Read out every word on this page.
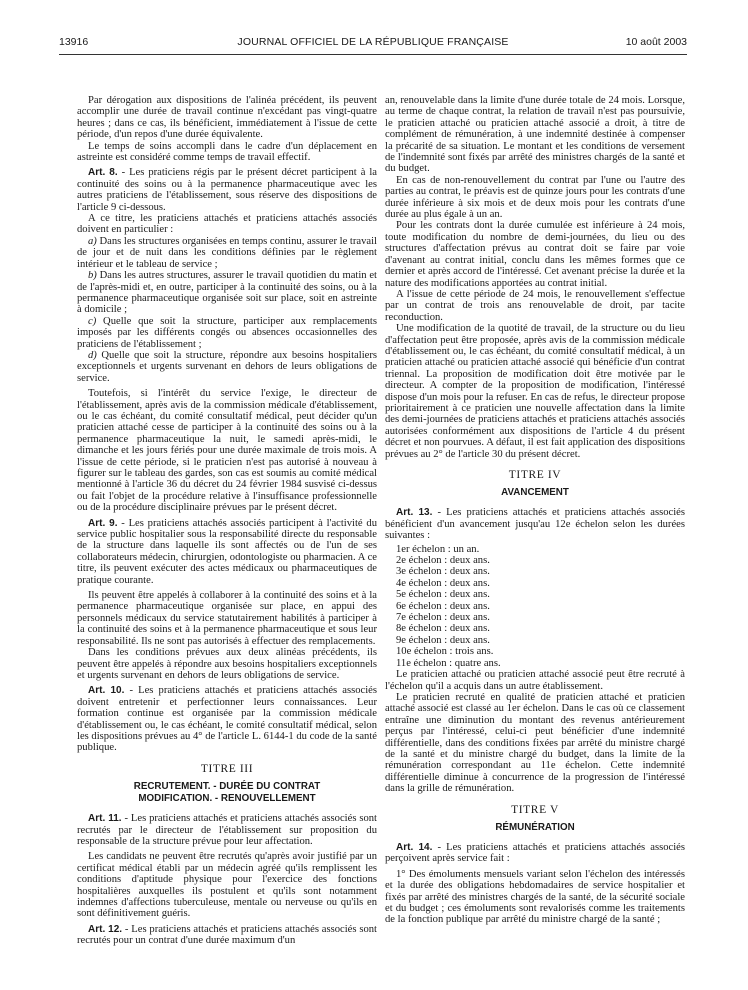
13916	JOURNAL OFFICIEL DE LA RÉPUBLIQUE FRANÇAISE	10 août 2003

Par dérogation aux dispositions de l'alinéa précédent, ils peuvent accomplir une durée de travail continue n'excédant pas vingt-quatre heures ; dans ce cas, ils bénéficient, immédiatement à l'issue de cette période, d'un repos d'une durée équivalente.

Le temps de soins accompli dans le cadre d'un déplacement en astreinte est considéré comme temps de travail effectif.

Art. 8. - Les praticiens régis par le présent décret participent à la continuité des soins ou à la permanence pharmaceutique avec les autres praticiens de l'établissement, sous réserve des dispositions de l'article 9 ci-dessous.

A ce titre, les praticiens attachés et praticiens attachés associés doivent en particulier :

a) Dans les structures organisées en temps continu, assurer le travail de jour et de nuit dans les conditions définies par le règlement intérieur et le tableau de service ;

b) Dans les autres structures, assurer le travail quotidien du matin et de l'après-midi et, en outre, participer à la continuité des soins, ou à la permanence pharmaceutique organisée soit sur place, soit en astreinte à domicile ;

c) Quelle que soit la structure, participer aux remplacements imposés par les différents congés ou absences occasionnelles des praticiens de l'établissement ;

d) Quelle que soit la structure, répondre aux besoins hospitaliers exceptionnels et urgents survenant en dehors de leurs obligations de service.

Toutefois, si l'intérêt du service l'exige, le directeur de l'établissement, après avis de la commission médicale d'établissement, ou le cas échéant, du comité consultatif médical, peut décider qu'un praticien attaché cesse de participer à la continuité des soins ou à la permanence pharmaceutique la nuit, le samedi après-midi, le dimanche et les jours fériés pour une durée maximale de trois mois. A l'issue de cette période, si le praticien n'est pas autorisé à nouveau à figurer sur le tableau des gardes, son cas est soumis au comité médical mentionné à l'article 36 du décret du 24 février 1984 susvisé ci-dessus ou fait l'objet de la procédure relative à l'insuffisance professionnelle ou de la procédure disciplinaire prévues par le présent décret.

Art. 9. - Les praticiens attachés associés participent à l'activité du service public hospitalier sous la responsabilité directe du responsable de la structure dans laquelle ils sont affectés ou de l'un de ses collaborateurs médecin, chirurgien, odontologiste ou pharmacien. A ce titre, ils peuvent exécuter des actes médicaux ou pharmaceutiques de pratique courante.

Ils peuvent être appelés à collaborer à la continuité des soins et à la permanence pharmaceutique organisée sur place, en appui des personnels médicaux du service statutairement habilités à participer à la continuité des soins et à la permanence pharmaceutique et sous leur responsabilité. Ils ne sont pas autorisés à effectuer des remplacements.

Dans les conditions prévues aux deux alinéas précédents, ils peuvent être appelés à répondre aux besoins hospitaliers exceptionnels et urgents survenant en dehors de leurs obligations de service.

Art. 10. - Les praticiens attachés et praticiens attachés associés doivent entretenir et perfectionner leurs connaissances. Leur formation continue est organisée par la commission médicale d'établissement ou, le cas échéant, le comité consultatif médical, selon les dispositions prévues au 4° de l'article L. 6144-1 du code de la santé publique.

TITRE III
RECRUTEMENT. - DURÉE DU CONTRAT
MODIFICATION. - RENOUVELLEMENT

Art. 11. - Les praticiens attachés et praticiens attachés associés sont recrutés par le directeur de l'établissement sur proposition du responsable de la structure prévue pour leur affectation.

Les candidats ne peuvent être recrutés qu'après avoir justifié par un certificat médical établi par un médecin agréé qu'ils remplissent les conditions d'aptitude physique pour l'exercice des fonctions hospitalières auxquelles ils postulent et qu'ils sont notamment indemnes d'affections tuberculeuse, mentale ou nerveuse ou qu'ils en sont définitivement guéris.

Art. 12. - Les praticiens attachés et praticiens attachés associés sont recrutés pour un contrat d'une durée maximum d'un

an, renouvelable dans la limite d'une durée totale de 24 mois. Lorsque, au terme de chaque contrat, la relation de travail n'est pas poursuivie, le praticien attaché ou praticien attaché associé a droit, à titre de complément de rémunération, à une indemnité destinée à compenser la précarité de sa situation. Le montant et les conditions de versement de l'indemnité sont fixés par arrêté des ministres chargés de la santé et du budget.

En cas de non-renouvellement du contrat par l'une ou l'autre des parties au contrat, le préavis est de quinze jours pour les contrats d'une durée inférieure à six mois et de deux mois pour les contrats d'une durée au plus égale à un an.

Pour les contrats dont la durée cumulée est inférieure à 24 mois, toute modification du nombre de demi-journées, du lieu ou des structures d'affectation prévus au contrat doit se faire par voie d'avenant au contrat initial, conclu dans les mêmes formes que ce dernier et après accord de l'intéressé. Cet avenant précise la durée et la nature des modifications apportées au contrat initial.

A l'issue de cette période de 24 mois, le renouvellement s'effectue par un contrat de trois ans renouvelable de droit, par tacite reconduction.

Une modification de la quotité de travail, de la structure ou du lieu d'affectation peut être proposée, après avis de la commission médicale d'établissement ou, le cas échéant, du comité consultatif médical, à un praticien attaché ou praticien attaché associé qui bénéficie d'un contrat triennal. La proposition de modification doit être motivée par le directeur. A compter de la proposition de modification, l'intéressé dispose d'un mois pour la refuser. En cas de refus, le directeur propose prioritairement à ce praticien une nouvelle affectation dans la limite des demi-journées de praticiens attachés et praticiens attachés associés autorisées conformément aux dispositions de l'article 4 du présent décret et non pourvues. A défaut, il est fait application des dispositions prévues au 2° de l'article 30 du présent décret.

TITRE IV
AVANCEMENT

Art. 13. - Les praticiens attachés et praticiens attachés associés bénéficient d'un avancement jusqu'au 12e échelon selon les durées suivantes :

1er échelon : un an.

2e échelon : deux ans.

3e échelon : deux ans.

4e échelon : deux ans.

5e échelon : deux ans.

6e échelon : deux ans.

7e échelon : deux ans.

8e échelon : deux ans.

9e échelon : deux ans.

10e échelon : trois ans.

11e échelon : quatre ans.

Le praticien attaché ou praticien attaché associé peut être recruté à l'échelon qu'il a acquis dans un autre établissement.

Le praticien recruté en qualité de praticien attaché et praticien attaché associé est classé au 1er échelon. Dans le cas où ce classement entraîne une diminution du montant des revenus antérieurement perçus par l'intéressé, celui-ci peut bénéficier d'une indemnité différentielle, dans des conditions fixées par arrêté du ministre chargé de la santé et du ministre chargé du budget, dans la limite de la rémunération correspondant au 11e échelon. Cette indemnité différentielle diminue à concurrence de la progression de l'intéressé dans la grille de rémunération.

TITRE V
RÉMUNÉRATION

Art. 14. - Les praticiens attachés et praticiens attachés associés perçoivent après service fait :

1° Des émoluments mensuels variant selon l'échelon des intéressés et la durée des obligations hebdomadaires de service hospitalier et fixés par arrêté des ministres chargés de la santé, de la sécurité sociale et du budget ; ces émoluments sont revalorisés comme les traitements de la fonction publique par arrêté du ministre chargé de la santé ;
